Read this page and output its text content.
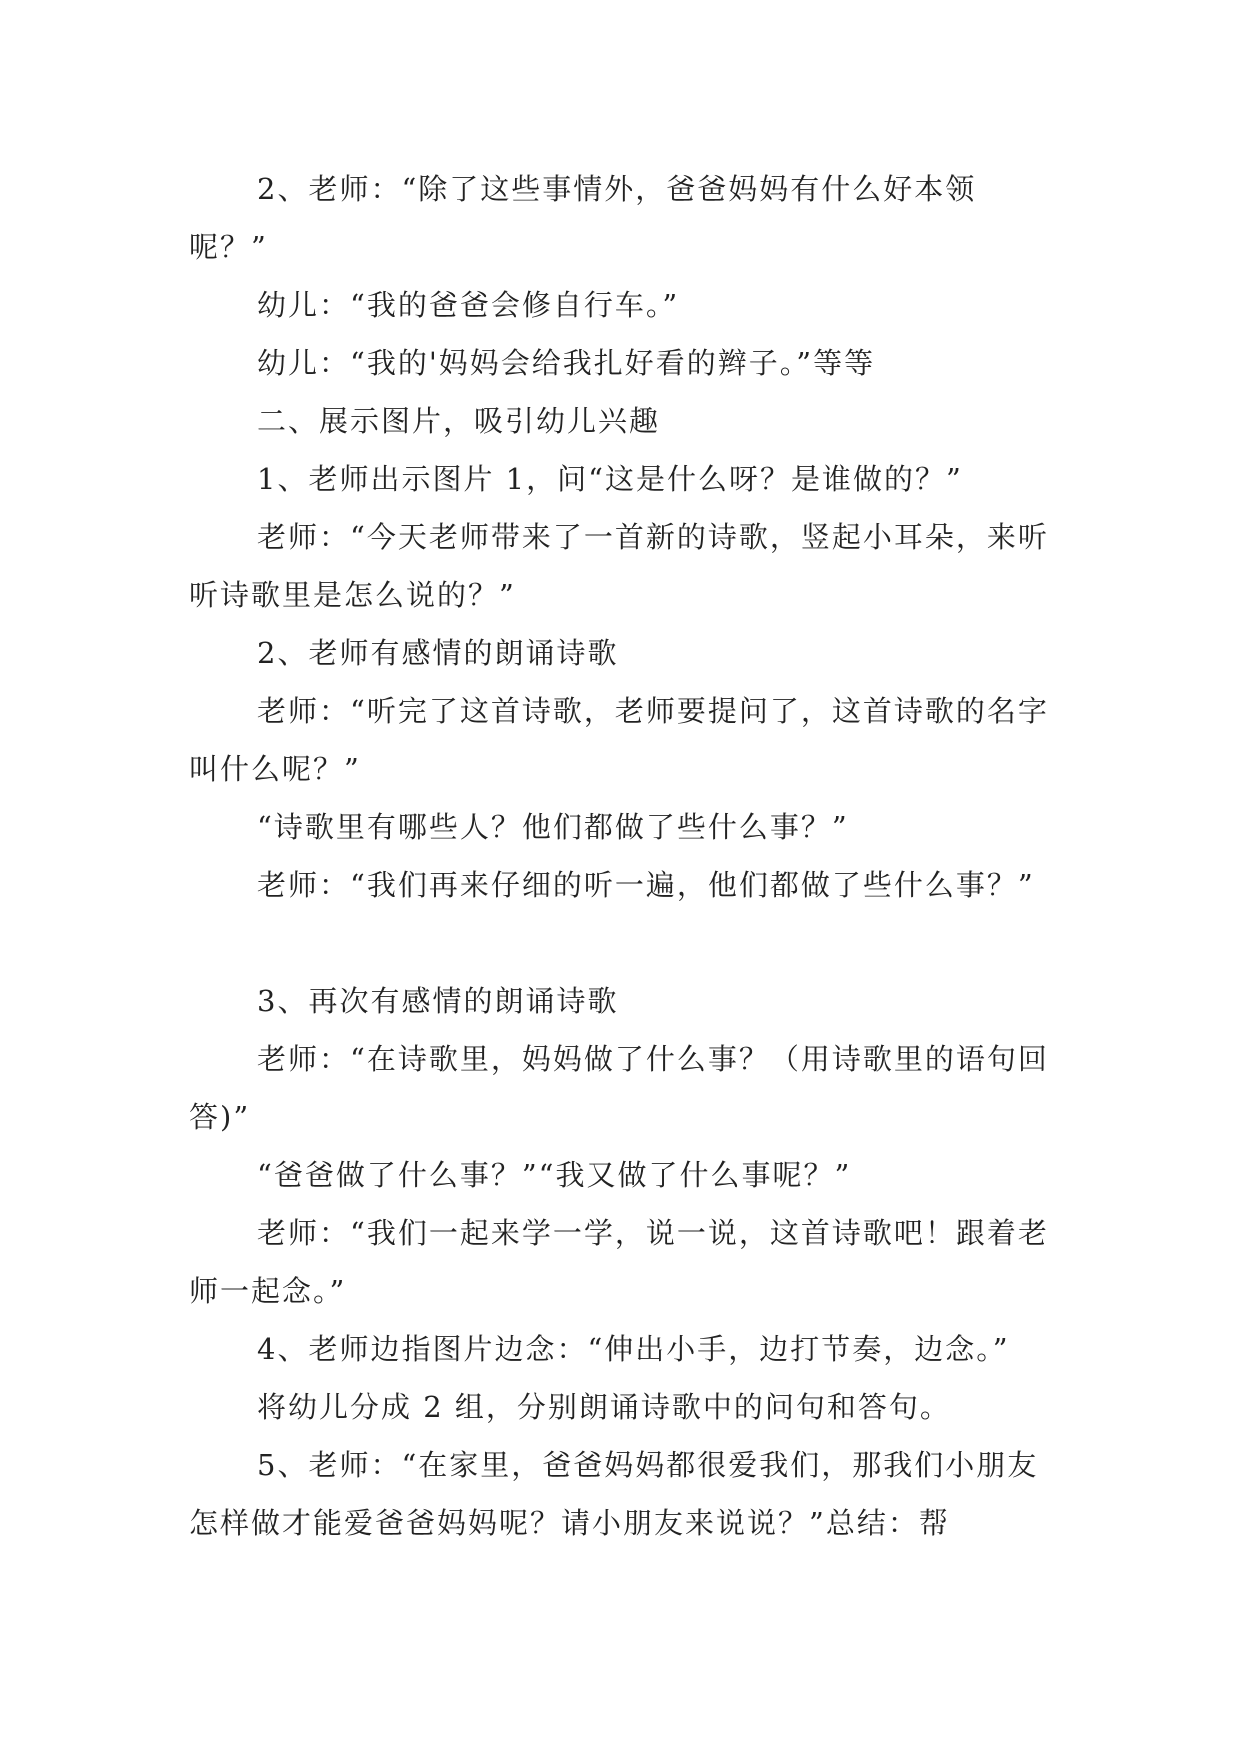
2、老师：“除了这些事情外，爸爸妈妈有什么好本领呢？”

幼儿：“我的爸爸会修自行车。”

幼儿：“我的'妈妈会给我扎好看的辫子。”等等

二、展示图片，吸引幼儿兴趣

1、老师出示图片 1，问“这是什么呀？是谁做的？”

老师：“今天老师带来了一首新的诗歌，竖起小耳朵，来听听诗歌里是怎么说的？”

2、老师有感情的朗诵诗歌

老师：“听完了这首诗歌，老师要提问了，这首诗歌的名字叫什么呢？”

“诗歌里有哪些人？他们都做了些什么事？”

老师：“我们再来仔细的听一遍，他们都做了些什么事？”

3、再次有感情的朗诵诗歌

老师：“在诗歌里，妈妈做了什么事？（用诗歌里的语句回答)”

“爸爸做了什么事？”“我又做了什么事呢？”

老师：“我们一起来学一学，说一说，这首诗歌吧！跟着老师一起念。”

4、老师边指图片边念：“伸出小手，边打节奏，边念。”

将幼儿分成 2 组，分别朗诵诗歌中的问句和答句。

5、老师：“在家里，爸爸妈妈都很爱我们，那我们小朋友怎样做才能爱爸爸妈妈呢？请小朋友来说说？”总结：帮
